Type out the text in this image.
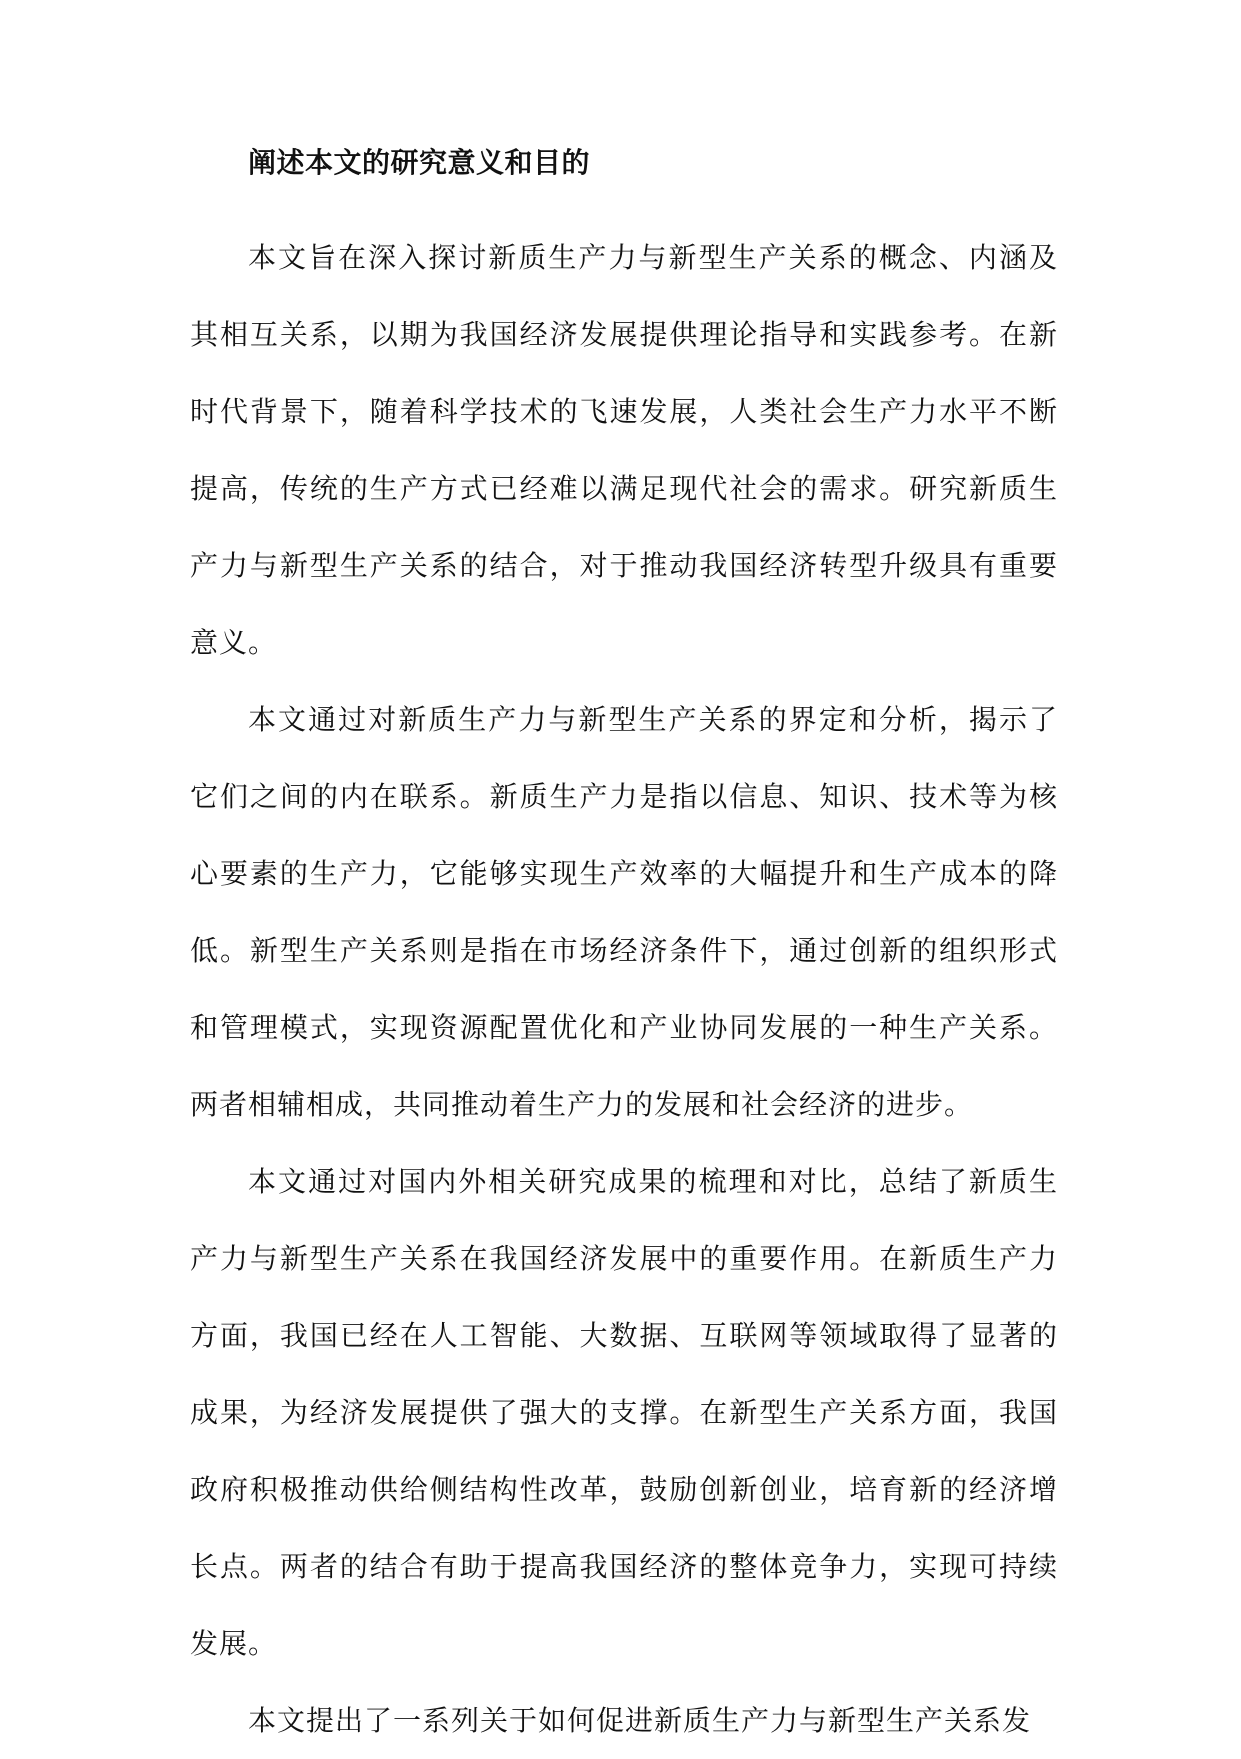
阐述本文的研究意义和目的

本文旨在深入探讨新质生产力与新型生产关系的概念、内涵及其相互关系，以期为我国经济发展提供理论指导和实践参考。在新时代背景下，随着科学技术的飞速发展，人类社会生产力水平不断提高，传统的生产方式已经难以满足现代社会的需求。研究新质生产力与新型生产关系的结合，对于推动我国经济转型升级具有重要意义。

本文通过对新质生产力与新型生产关系的界定和分析，揭示了它们之间的内在联系。新质生产力是指以信息、知识、技术等为核心要素的生产力，它能够实现生产效率的大幅提升和生产成本的降低。新型生产关系则是指在市场经济条件下，通过创新的组织形式和管理模式，实现资源配置优化和产业协同发展的一种生产关系。两者相辅相成，共同推动着生产力的发展和社会经济的进步。

本文通过对国内外相关研究成果的梳理和对比，总结了新质生产力与新型生产关系在我国经济发展中的重要作用。在新质生产力方面，我国已经在人工智能、大数据、互联网等领域取得了显著的成果，为经济发展提供了强大的支撑。在新型生产关系方面，我国政府积极推动供给侧结构性改革，鼓励创新创业，培育新的经济增长点。两者的结合有助于提高我国经济的整体竞争力，实现可持续发展。

本文提出了一系列关于如何促进新质生产力与新型生产关系发
